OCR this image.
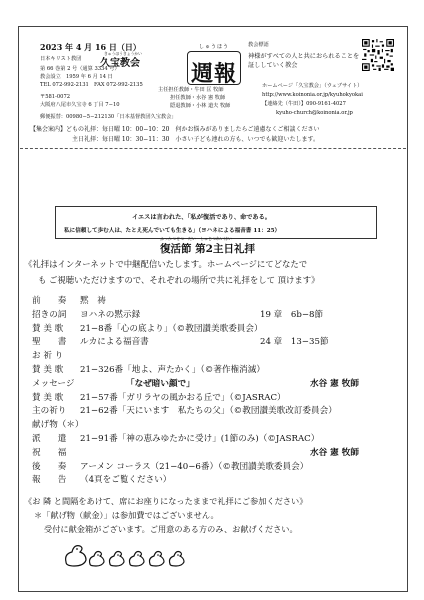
2023 年 4 月 16 日（日）
日本キリスト教団
きゅうほうきょうかい
久宝教会
第 66 巻第 2 号（通算 3334 号）
教会設立　1959 年 6 月 14 日
TEL 072-992-2131　FAX 072-992-2135
〒581-0072
大阪府八尾市久宝寺 6 丁目 7−10
郵便振替：00980−5−212130「日本基督教団久宝教会」
しゅうほう
週報
主任担任教師・牛田 匡 牧師
担任教師・水谷 憲 牧師
隠退教師・小林 道夫 牧師
教会標語
神様がすべての人と共におられることを証ししていく教会
ホームページ「久宝教会」（ウェブサイト）
http://www.koinonia.or.jp/kyuhokyokai
【連絡先（牛田）】090-9161-4027
kyuho-church@koinonia.or.jp
【集会案内】どもの礼拝：毎日曜 10：00−10：20　何かお悩みがありましたらご遠慮なくご相談ください
主日礼拝：毎日曜 10：30−11：30　小さい子ども連れの方も、いつでも歓迎いたします。
イエスは言われた、「私が復活であり、命である。
私に信頼して歩む人は、たとえ死んでいても生きる」（ヨハネによる福音書 11：25）
ふっかつせつ　だい　しゅじつれいはい
復活節 第2主日礼拝
《礼拝はインターネットで中継配信いたします。ホームページにてどなたで
も ご視聴いただけますので、それぞれの場所で共に礼拝をして 頂けます》
前　　奏 黙　祷
招きの詞 ヨハネの黙示録	19 章　6b−8節
賛 美 歌 21−8番「心の底より」（©教団讃美歌委員会）
聖　　書 ルカによる福音書	24 章　13−35節
お 祈 り
賛 美 歌 21−326番「地よ、声たかく」（©著作権消滅）
メッセージ	「なぜ暗い顔で」	水谷 憲 牧師
賛 美 歌 21−57番「ガリラヤの風かおる丘で」（©JASRAC）
主の祈り 21−62番「天にいます　私たちの父」（©教団讃美歌改訂委員会）
献げ物（＊）
派　　遣 21−91番「神の恵みゆたかに受け」(1節のみ)（©JASRAC）
祝　　福	水谷 憲 牧師
後　　奏 アーメン コーラス（21−40−6番）（©教団讃美歌委員会）
報　　告 （4頁をご覧ください）
《お 隣 と間隔をあけて、席にお座りになったままで礼拝にご参加ください》
＊「献げ物（献金）」は参加費ではございません。
受付に献金箱がございます。ご用意のある方のみ、お献げください。
